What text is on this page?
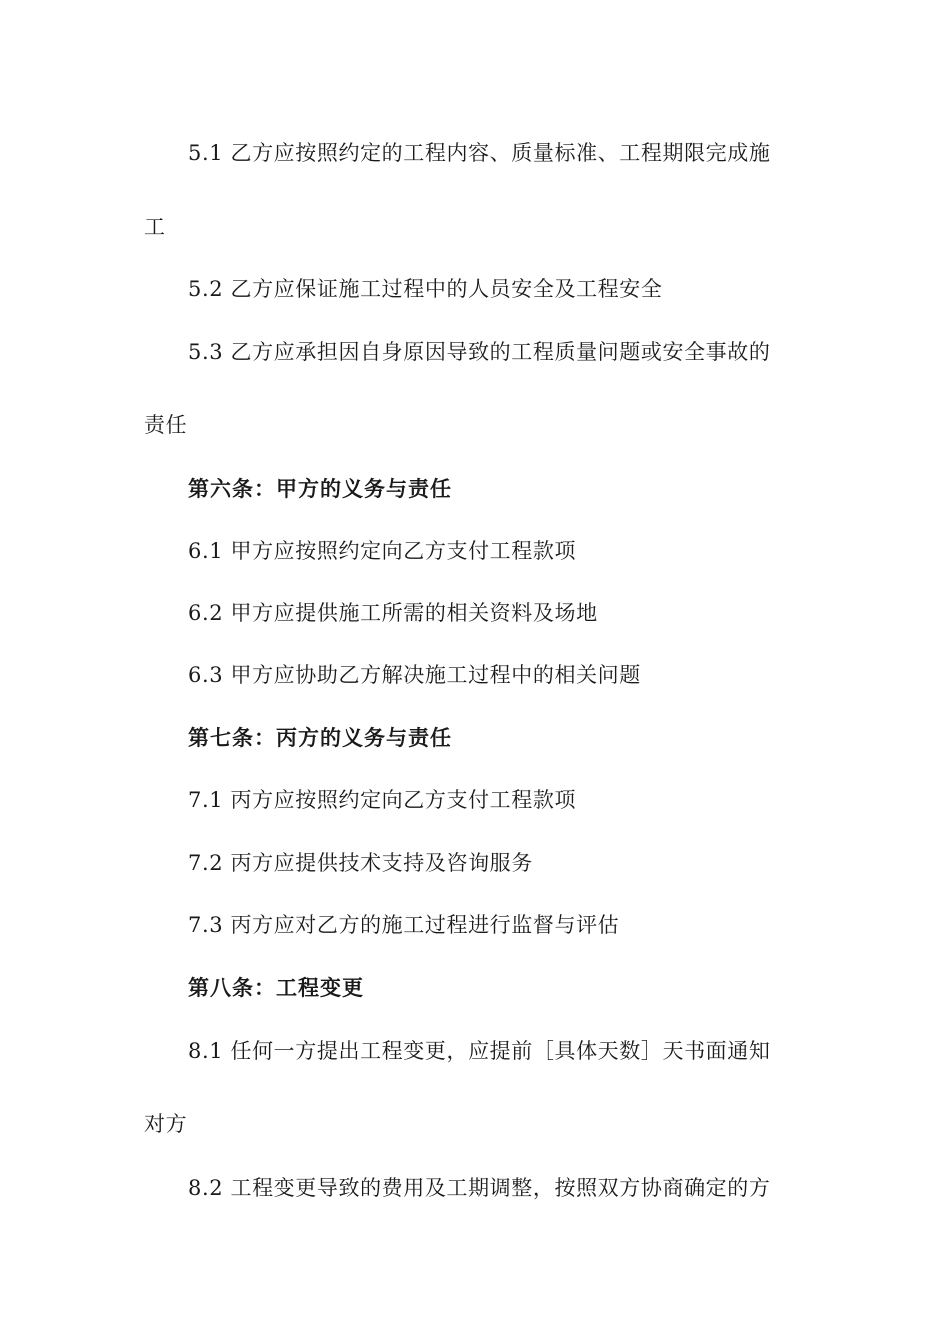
5.1 乙方应按照约定的工程内容、质量标准、工程期限完成施
工
5.2 乙方应保证施工过程中的人员安全及工程安全
5.3 乙方应承担因自身原因导致的工程质量问题或安全事故的
责任
第六条：甲方的义务与责任
6.1 甲方应按照约定向乙方支付工程款项
6.2 甲方应提供施工所需的相关资料及场地
6.3 甲方应协助乙方解决施工过程中的相关问题
第七条：丙方的义务与责任
7.1 丙方应按照约定向乙方支付工程款项
7.2 丙方应提供技术支持及咨询服务
7.3 丙方应对乙方的施工过程进行监督与评估
第八条：工程变更
8.1 任何一方提出工程变更，应提前［具体天数］天书面通知
对方
8.2 工程变更导致的费用及工期调整，按照双方协商确定的方
